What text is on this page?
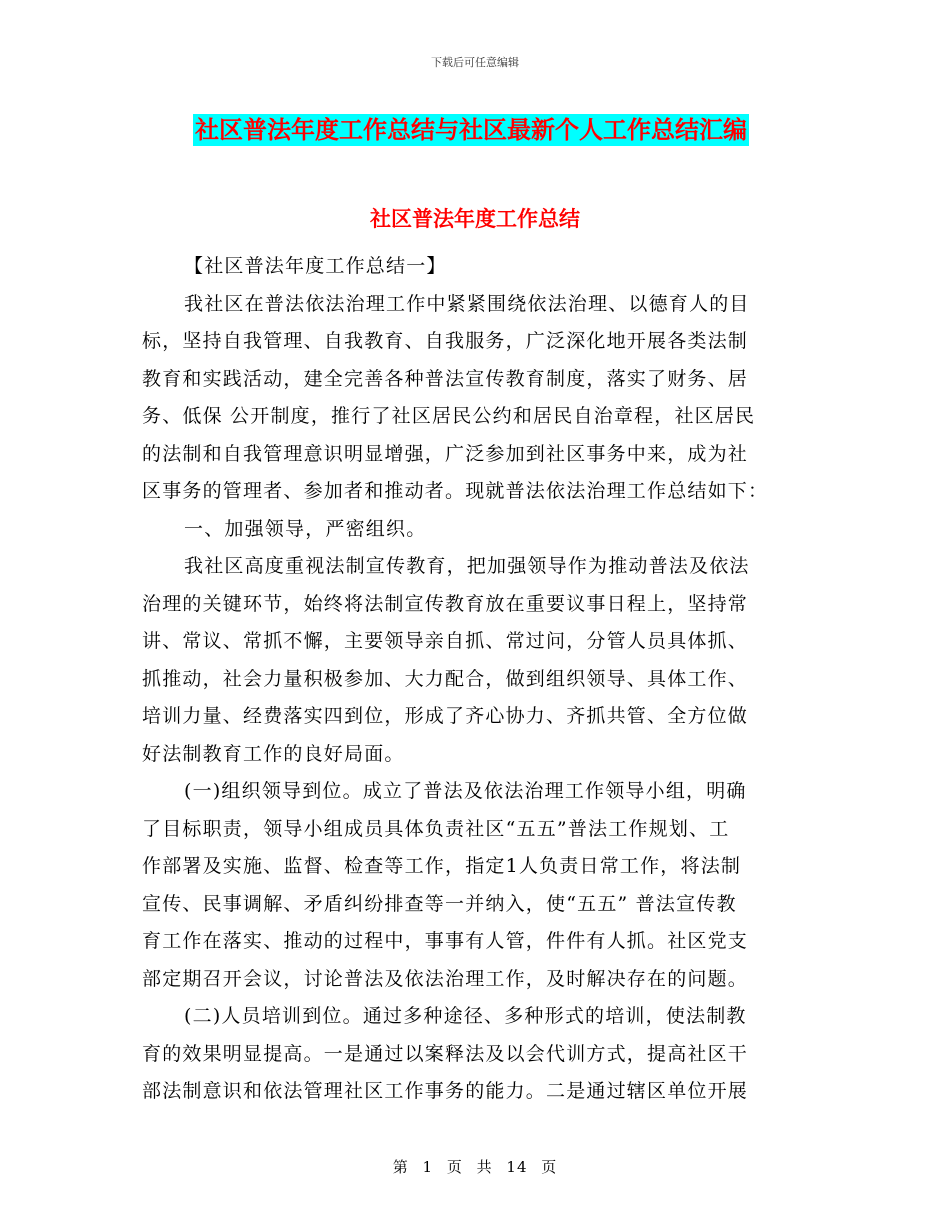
下载后可任意编辑
社区普法年度工作总结与社区最新个人工作总结汇编
社区普法年度工作总结
【社区普法年度工作总结一】
我社区在普法依法治理工作中紧紧围绕依法治理、以德育人的目
标，坚持自我管理、自我教育、自我服务，广泛深化地开展各类法制
教育和实践活动，建全完善各种普法宣传教育制度，落实了财务、居
务、低保 公开制度，推行了社区居民公约和居民自治章程，社区居民
的法制和自我管理意识明显增强，广泛参加到社区事务中来，成为社
区事务的管理者、参加者和推动者。现就普法依法治理工作总结如下：
一、加强领导，严密组织。
我社区高度重视法制宣传教育，把加强领导作为推动普法及依法
治理的关键环节，始终将法制宣传教育放在重要议事日程上，坚持常
讲、常议、常抓不懈，主要领导亲自抓、常过问，分管人员具体抓、
抓推动，社会力量积极参加、大力配合，做到组织领导、具体工作、
培训力量、经费落实四到位，形成了齐心协力、齐抓共管、全方位做
好法制教育工作的良好局面。
(一)组织领导到位。成立了普法及依法治理工作领导小组，明确
了目标职责，领导小组成员具体负责社区“五五”普法工作规划、工
作部署及实施、监督、检查等工作，指定1人负责日常工作，将法制
宣传、民事调解、矛盾纠纷排查等一并纳入，使“五五” 普法宣传教
育工作在落实、推动的过程中，事事有人管，件件有人抓。社区党支
部定期召开会议，讨论普法及依法治理工作，及时解决存在的问题。
(二)人员培训到位。通过多种途径、多种形式的培训，使法制教
育的效果明显提高。一是通过以案释法及以会代训方式，提高社区干
部法制意识和依法管理社区工作事务的能力。二是通过辖区单位开展
第 1 页 共 14 页
